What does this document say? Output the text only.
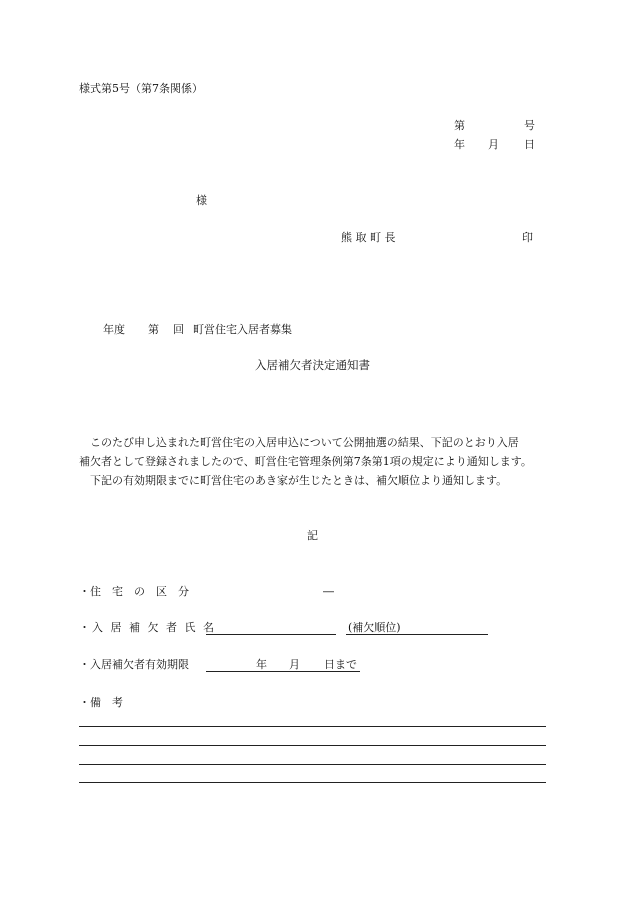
様式第5号（第7条関係）
第	号
年 月 日
様
熊 取 町 長	印
年度 第 回 町営住宅入居者募集
入居補欠者決定通知書

このたび申し込まれた町営住宅の入居申込について公開抽選の結果、下記のとおり入居

補欠者として登録されましたので、町営住宅管理条例第7条第1項の規定により通知します。

下記の有効期限までに町営住宅のあき家が生じたときは、補欠順位より通知します。

記
・住　宅　の　区　分	―
・入 居 補 欠 者 氏 名	(補欠順位)
・入居補欠者有効期限	年 月 日まで
・備　考
